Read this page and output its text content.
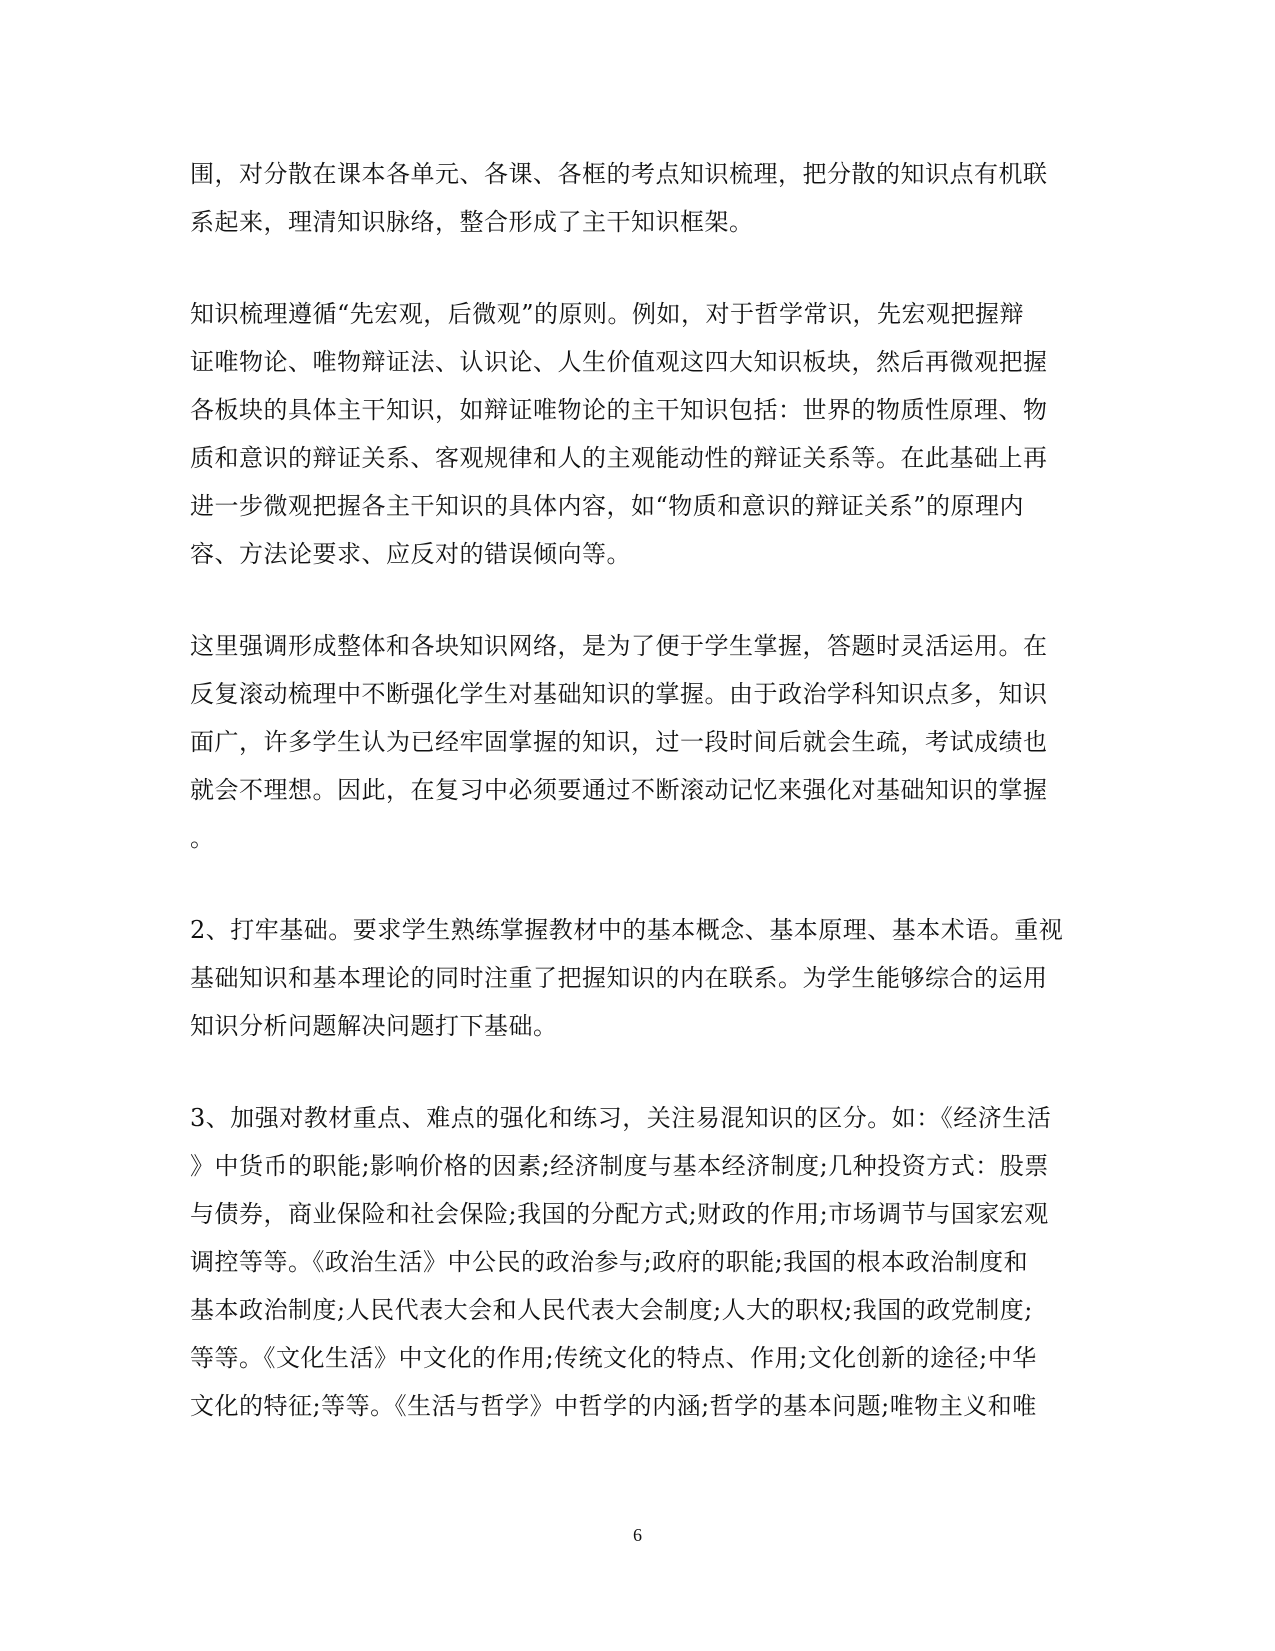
围，对分散在课本各单元、各课、各框的考点知识梳理，把分散的知识点有机联
系起来，理清知识脉络，整合形成了主干知识框架。
知识梳理遵循“先宏观，后微观”的原则。例如，对于哲学常识，先宏观把握辩
证唯物论、唯物辩证法、认识论、人生价值观这四大知识板块，然后再微观把握
各板块的具体主干知识，如辩证唯物论的主干知识包括：世界的物质性原理、物
质和意识的辩证关系、客观规律和人的主观能动性的辩证关系等。在此基础上再
进一步微观把握各主干知识的具体内容，如“物质和意识的辩证关系”的原理内
容、方法论要求、应反对的错误倾向等。
这里强调形成整体和各块知识网络，是为了便于学生掌握，答题时灵活运用。在
反复滚动梳理中不断强化学生对基础知识的掌握。由于政治学科知识点多，知识
面广，许多学生认为已经牢固掌握的知识，过一段时间后就会生疏，考试成绩也
就会不理想。因此，在复习中必须要通过不断滚动记忆来强化对基础知识的掌握
。
2、打牢基础。要求学生熟练掌握教材中的基本概念、基本原理、基本术语。重视
基础知识和基本理论的同时注重了把握知识的内在联系。为学生能够综合的运用
知识分析问题解决问题打下基础。
3、加强对教材重点、难点的强化和练习，关注易混知识的区分。如：《经济生活
》中货币的职能;影响价格的因素;经济制度与基本经济制度;几种投资方式：股票
与债券，商业保险和社会保险;我国的分配方式;财政的作用;市场调节与国家宏观
调控等等。《政治生活》中公民的政治参与;政府的职能;我国的根本政治制度和
基本政治制度;人民代表大会和人民代表大会制度;人大的职权;我国的政党制度;
等等。《文化生活》中文化的作用;传统文化的特点、作用;文化创新的途径;中华
文化的特征;等等。《生活与哲学》中哲学的内涵;哲学的基本问题;唯物主义和唯
6
